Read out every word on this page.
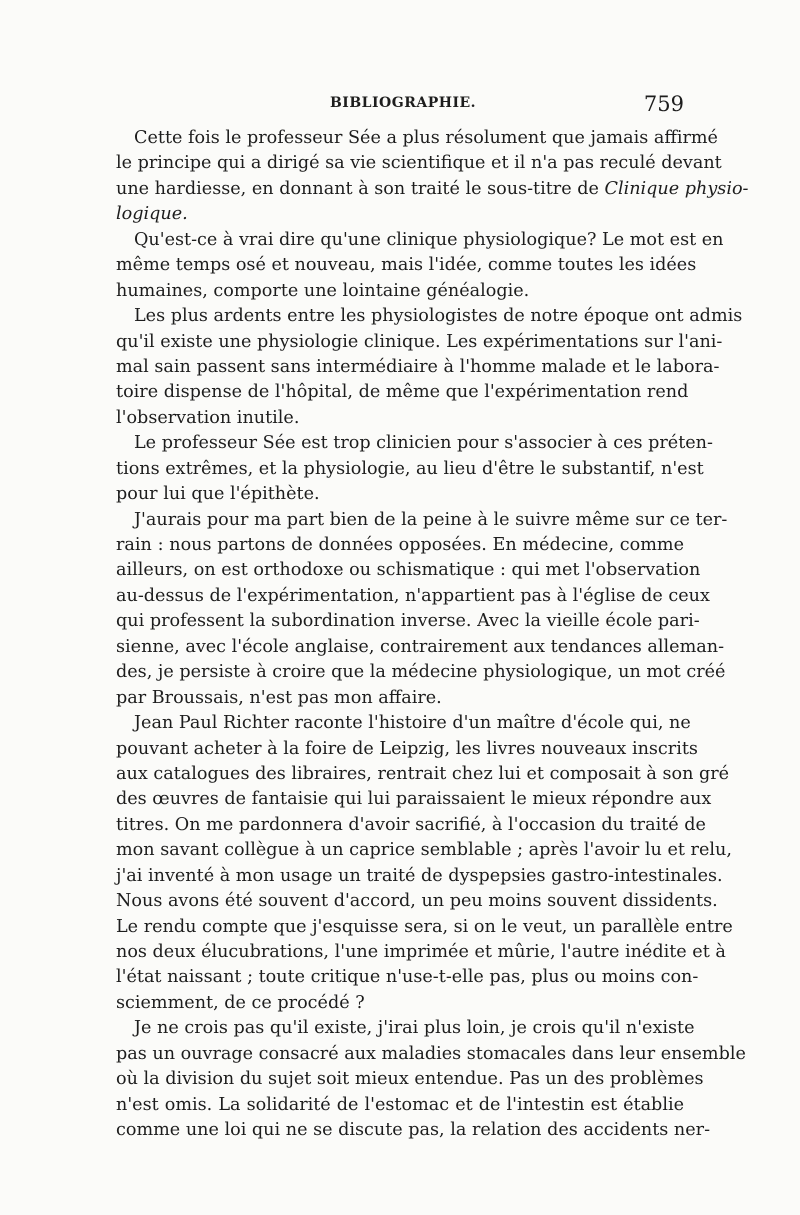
BIBLIOGRAPHIE.	759
Cette fois le professeur Sée a plus résolument que jamais affirmé
le principe qui a dirigé sa vie scientifique et il n'a pas reculé devant
une hardiesse, en donnant à son traité le sous-titre de Clinique physio-
logique.
Qu'est-ce à vrai dire qu'une clinique physiologique? Le mot est en
même temps osé et nouveau, mais l'idée, comme toutes les idées
humaines, comporte une lointaine généalogie.
Les plus ardents entre les physiologistes de notre époque ont admis
qu'il existe une physiologie clinique. Les expérimentations sur l'ani-
mal sain passent sans intermédiaire à l'homme malade et le labora-
toire dispense de l'hôpital, de même que l'expérimentation rend
l'observation inutile.
Le professeur Sée est trop clinicien pour s'associer à ces préten-
tions extrêmes, et la physiologie, au lieu d'être le substantif, n'est
pour lui que l'épithète.
J'aurais pour ma part bien de la peine à le suivre même sur ce ter-
rain : nous partons de données opposées. En médecine, comme
ailleurs, on est orthodoxe ou schismatique : qui met l'observation
au-dessus de l'expérimentation, n'appartient pas à l'église de ceux
qui professent la subordination inverse. Avec la vieille école pari-
sienne, avec l'école anglaise, contrairement aux tendances alleman-
des, je persiste à croire que la médecine physiologique, un mot créé
par Broussais, n'est pas mon affaire.
Jean Paul Richter raconte l'histoire d'un maître d'école qui, ne
pouvant acheter à la foire de Leipzig, les livres nouveaux inscrits
aux catalogues des libraires, rentrait chez lui et composait à son gré
des œuvres de fantaisie qui lui paraissaient le mieux répondre aux
titres. On me pardonnera d'avoir sacrifié, à l'occasion du traité de
mon savant collègue à un caprice semblable ; après l'avoir lu et relu,
j'ai inventé à mon usage un traité de dyspepsies gastro-intestinales.
Nous avons été souvent d'accord, un peu moins souvent dissidents.
Le rendu compte que j'esquisse sera, si on le veut, un parallèle entre
nos deux élucubrations, l'une imprimée et mûrie, l'autre inédite et à
l'état naissant ; toute critique n'use-t-elle pas, plus ou moins con-
sciemment, de ce procédé ?
Je ne crois pas qu'il existe, j'irai plus loin, je crois qu'il n'existe
pas un ouvrage consacré aux maladies stomacales dans leur ensemble
où la division du sujet soit mieux entendue. Pas un des problèmes
n'est omis. La solidarité de l'estomac et de l'intestin est établie
comme une loi qui ne se discute pas, la relation des accidents ner-
